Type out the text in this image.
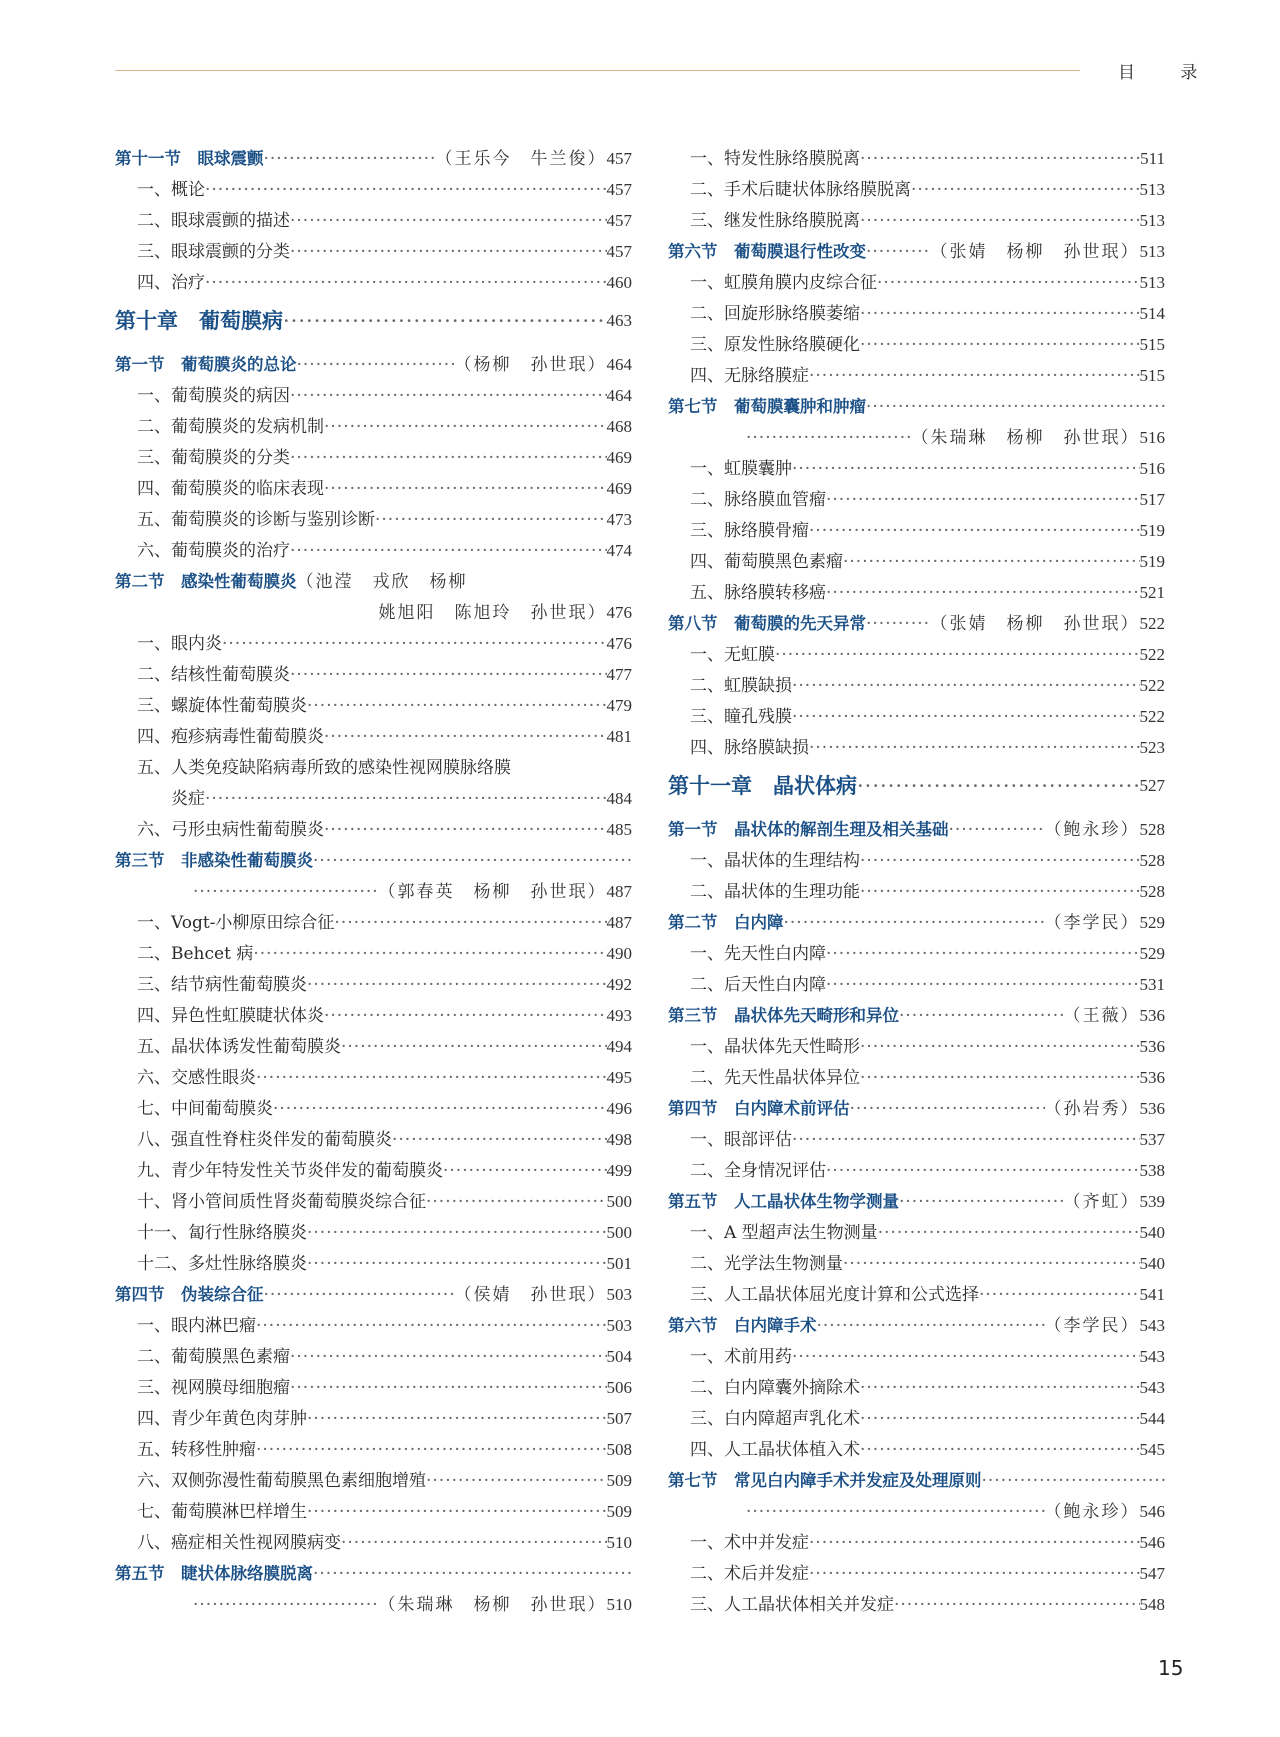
目 录
第十一节　眼球震颤 ·····	（王乐今　牛兰俊） 457
一、概论 ·····	457
二、眼球震颤的描述 ·····	457
三、眼球震颤的分类 ·····	457
四、治疗 ·····	460
第十章　葡萄膜病 ·····	463
第一节　葡萄膜炎的总论 ·····	（杨柳　孙世珉） 464
一、葡萄膜炎的病因 ·····	464
二、葡萄膜炎的发病机制 ·····	468
三、葡萄膜炎的分类 ·····	469
四、葡萄膜炎的临床表现 ·····	469
五、葡萄膜炎的诊断与鉴别诊断 ·····	473
六、葡萄膜炎的治疗 ·····	474
第二节　感染性葡萄膜炎 （池滢　戎欣　杨柳
姚旭阳　陈旭玲　孙世珉） 476
一、眼内炎 ·····	476
二、结核性葡萄膜炎 ·····	477
三、螺旋体性葡萄膜炎 ·····	479
四、疱疹病毒性葡萄膜炎 ·····	481
五、人类免疫缺陷病毒所致的感染性视网膜脉络膜
炎症 ·····	484
六、弓形虫病性葡萄膜炎 ·····	485
第三节　非感染性葡萄膜炎
·····
·····
（郭春英　杨柳　孙世珉） 487
一、Vogt-小柳原田综合征 ·····	487
二、Behcet 病 ·····	490
三、结节病性葡萄膜炎 ·····	492
四、异色性虹膜睫状体炎 ·····	493
五、晶状体诱发性葡萄膜炎 ·····	494
六、交感性眼炎 ·····	495
七、中间葡萄膜炎 ·····	496
八、强直性脊柱炎伴发的葡萄膜炎 ·····	498
九、青少年特发性关节炎伴发的葡萄膜炎 ·····	499
十、肾小管间质性肾炎葡萄膜炎综合征 ·····	500
十一、匐行性脉络膜炎 ·····	500
十二、多灶性脉络膜炎 ·····	501
第四节　伪装综合征 ·····	（侯婧　孙世珉） 503
一、眼内淋巴瘤 ·····	503
二、葡萄膜黑色素瘤 ·····	504
三、视网膜母细胞瘤 ·····	506
四、青少年黄色肉芽肿 ·····	507
五、转移性肿瘤 ·····	508
六、双侧弥漫性葡萄膜黑色素细胞增殖 ·····	509
七、葡萄膜淋巴样增生 ·····	509
八、癌症相关性视网膜病变 ·····	510
第五节　睫状体脉络膜脱离
·····
·····
（朱瑞琳　杨柳　孙世珉） 510
一、特发性脉络膜脱离 ·····	511
二、手术后睫状体脉络膜脱离 ·····	513
三、继发性脉络膜脱离 ·····	513
第六节　葡萄膜退行性改变 ·····	（张婧　杨柳　孙世珉） 513
一、虹膜角膜内皮综合征 ·····	513
二、回旋形脉络膜萎缩 ·····	514
三、原发性脉络膜硬化 ·····	515
四、无脉络膜症 ·····	515
第七节　葡萄膜囊肿和肿瘤
·····
·····
（朱瑞琳　杨柳　孙世珉） 516
一、虹膜囊肿 ·····	516
二、脉络膜血管瘤 ·····	517
三、脉络膜骨瘤 ·····	519
四、葡萄膜黑色素瘤 ·····	519
五、脉络膜转移癌 ·····	521
第八节　葡萄膜的先天异常 ·····	（张婧　杨柳　孙世珉） 522
一、无虹膜 ·····	522
二、虹膜缺损 ·····	522
三、瞳孔残膜 ·····	522
四、脉络膜缺损 ·····	523
第十一章　晶状体病 ·····	527
第一节　晶状体的解剖生理及相关基础 ·····	（鲍永珍） 528
一、晶状体的生理结构 ·····	528
二、晶状体的生理功能 ·····	528
第二节　白内障 ·····	（李学民） 529
一、先天性白内障 ·····	529
二、后天性白内障 ·····	531
第三节　晶状体先天畸形和异位 ·····	（王薇） 536
一、晶状体先天性畸形 ·····	536
二、先天性晶状体异位 ·····	536
第四节　白内障术前评估 ·····	（孙岩秀） 536
一、眼部评估 ·····	537
二、全身情况评估 ·····	538
第五节　人工晶状体生物学测量 ·····	（齐虹） 539
一、A 型超声法生物测量 ·····	540
二、光学法生物测量 ·····	540
三、人工晶状体屈光度计算和公式选择 ·····	541
第六节　白内障手术 ·····	（李学民） 543
一、术前用药 ·····	543
二、白内障囊外摘除术 ·····	543
三、白内障超声乳化术 ·····	544
四、人工晶状体植入术 ·····	545
第七节　常见白内障手术并发症及处理原则
·····
·····
（鲍永珍） 546
一、术中并发症 ·····	546
二、术后并发症 ·····	547
三、人工晶状体相关并发症 ·····	548
15
